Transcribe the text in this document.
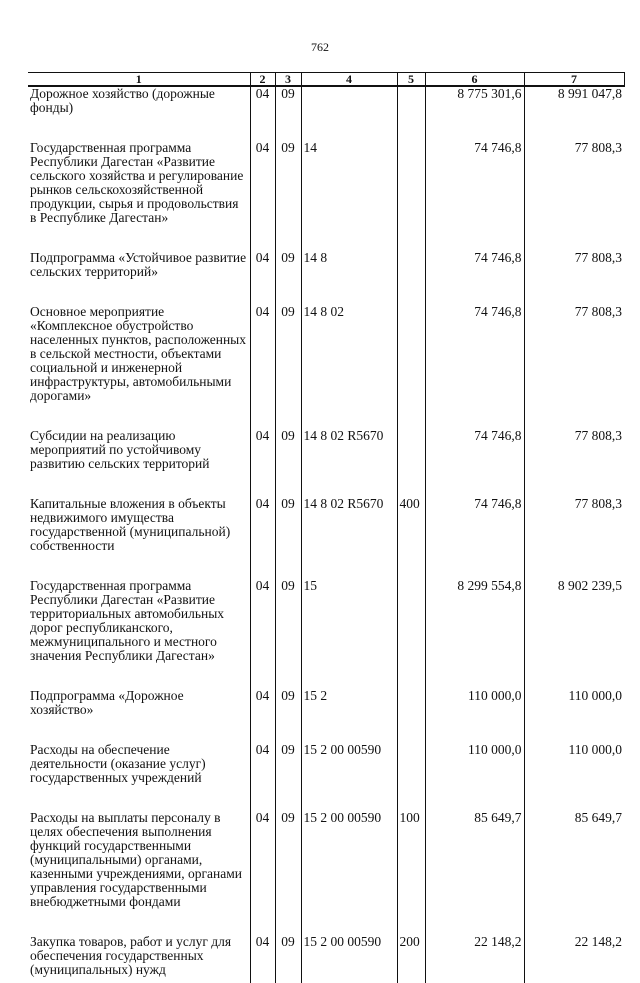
762
1	2	3	4	5	6	7
Дорожное хозяйство (дорожные фонды)	04	09			8 775 301,6	8 991 047,8
Государственная программа Республики Дагестан «Развитие сельского хозяйства и регулирование рынков сельскохозяйственной продукции, сырья и продовольствия в Республике Дагестан»	04	09	14		74 746,8	77 808,3
Подпрограмма «Устойчивое развитие сельских территорий»	04	09	14 8		74 746,8	77 808,3
Основное мероприятие «Комплексное обустройство населенных пунктов, расположенных в сельской местности, объектами социальной и инженерной инфраструктуры, автомобильными дорогами»	04	09	14 8 02		74 746,8	77 808,3
Субсидии на реализацию мероприятий по устойчивому развитию сельских территорий	04	09	14 8 02 R5670		74 746,8	77 808,3
Капитальные вложения в объекты недвижимого имущества государственной (муниципальной) собственности	04	09	14 8 02 R5670	400	74 746,8	77 808,3
Государственная программа Республики Дагестан «Развитие территориальных автомобильных дорог республиканского, межмуниципального и местного значения Республики Дагестан»	04	09	15		8 299 554,8	8 902 239,5
Подпрограмма «Дорожное хозяйство»	04	09	15 2		110 000,0	110 000,0
Расходы на обеспечение деятельности (оказание услуг) государственных учреждений	04	09	15 2 00 00590		110 000,0	110 000,0
Расходы на выплаты персоналу в целях обеспечения выполнения функций государственными (муниципальными) органами, казенными учреждениями, органами управления государственными внебюджетными фондами	04	09	15 2 00 00590	100	85 649,7	85 649,7
Закупка товаров, работ и услуг для обеспечения государственных (муниципальных) нужд	04	09	15 2 00 00590	200	22 148,2	22 148,2
